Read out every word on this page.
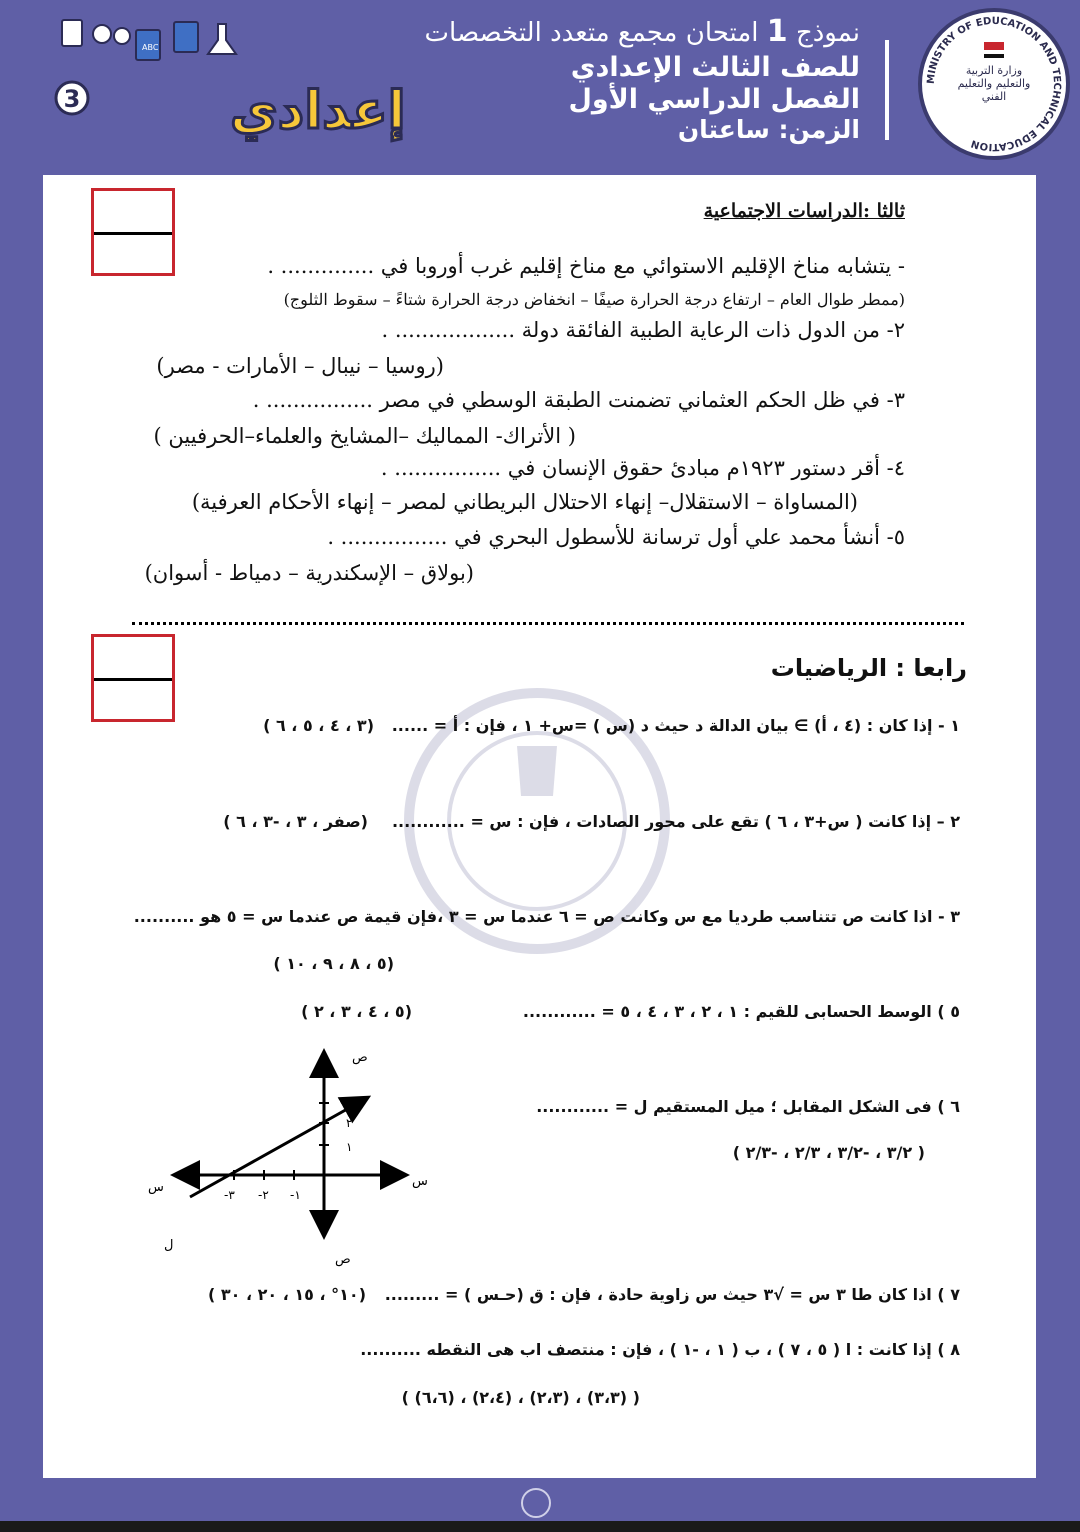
MINISTRY OF EDUCATION AND TECHNICAL EDUCATION
وزارة التربية والتعليم والتعليم الفني
نموذج 1 امتحان مجمع متعدد التخصصات
للصف الثالث الإعدادي
الفصل الدراسي الأول
الزمن: ساعتان
ABC
إعدادي
3
ثالثا :الدراسات الاجتماعية
- يتشابه مناخ الإقليم الاستوائي مع مناخ إقليم غرب أوروبا في .............. .
(ممطر طوال العام – ارتفاع درجة الحرارة صيفًا – انخفاض درجة الحرارة شتاءً – سقوط الثلوج)
٢- من الدول ذات الرعاية الطبية الفائقة دولة .................. .
(روسيا – نيبال – الأمارات - مصر)
٣- في ظل الحكم العثماني تضمنت الطبقة الوسطي في مصر ................ .
( الأتراك- المماليك –المشايخ والعلماء–الحرفيين )
٤- أقر دستور ١٩٢٣م مبادئ حقوق الإنسان في ................ .
(المساواة – الاستقلال– إنهاء الاحتلال البريطاني لمصر – إنهاء الأحكام العرفية)
٥- أنشأ محمد علي أول ترسانة للأسطول البحري في ................ .
(بولاق – الإسكندرية – دمياط - أسوان)
رابعا : الرياضيات
١ - إذا كان : (٤ ، أ) ∋ بيان الدالة د حيث د (س ) =س+ ١ ، فإن : أ = ......
(٣ ، ٤ ، ٥ ، ٦ )
٢ – إذا كانت ( س+٣ ، ٦ ) تقع على محور الصادات ، فإن : س = ............
(صفر ، ٣ ، -٣ ، ٦ )
٣ - اذا كانت ص تتناسب طرديا مع س وكانت ص = ٦ عندما س = ٣ ،فإن قيمة ص عندما س = ٥ هو ..........
(٥ ، ٨ ، ٩ ، ١٠ )
٥ ) الوسط الحسابى للقيم : ١ ، ٢ ، ٣ ، ٤ ، ٥ = ............
(٥ ، ٤ ، ٣ ، ٢ )
٦ ) فى الشكل المقابل ؛ ميل المستقيم ل = ............
( ٣/٢ ، -٣/٢ ، ٢/٣ ، -٢/٣ )
-١
-٢
-٣
١
٢
٣
ص
س
س
ص
ل
٧ ) اذا كان طا ٣ س = √٣ حيث س زاوية حادة ، فإن : ق (حـس ) = .........
(١٠° ، ١٥ ، ٢٠ ، ٣٠ )
٨ ) إذا كانت : ا ( ٥ ، ٧ ) ، ب ( ١ ، -١ ) ، فإن : منتصف اب هى النقطه ..........
( (٣،٣) ، (٢،٣) ، (٢،٤) ، (٦،٦) )
